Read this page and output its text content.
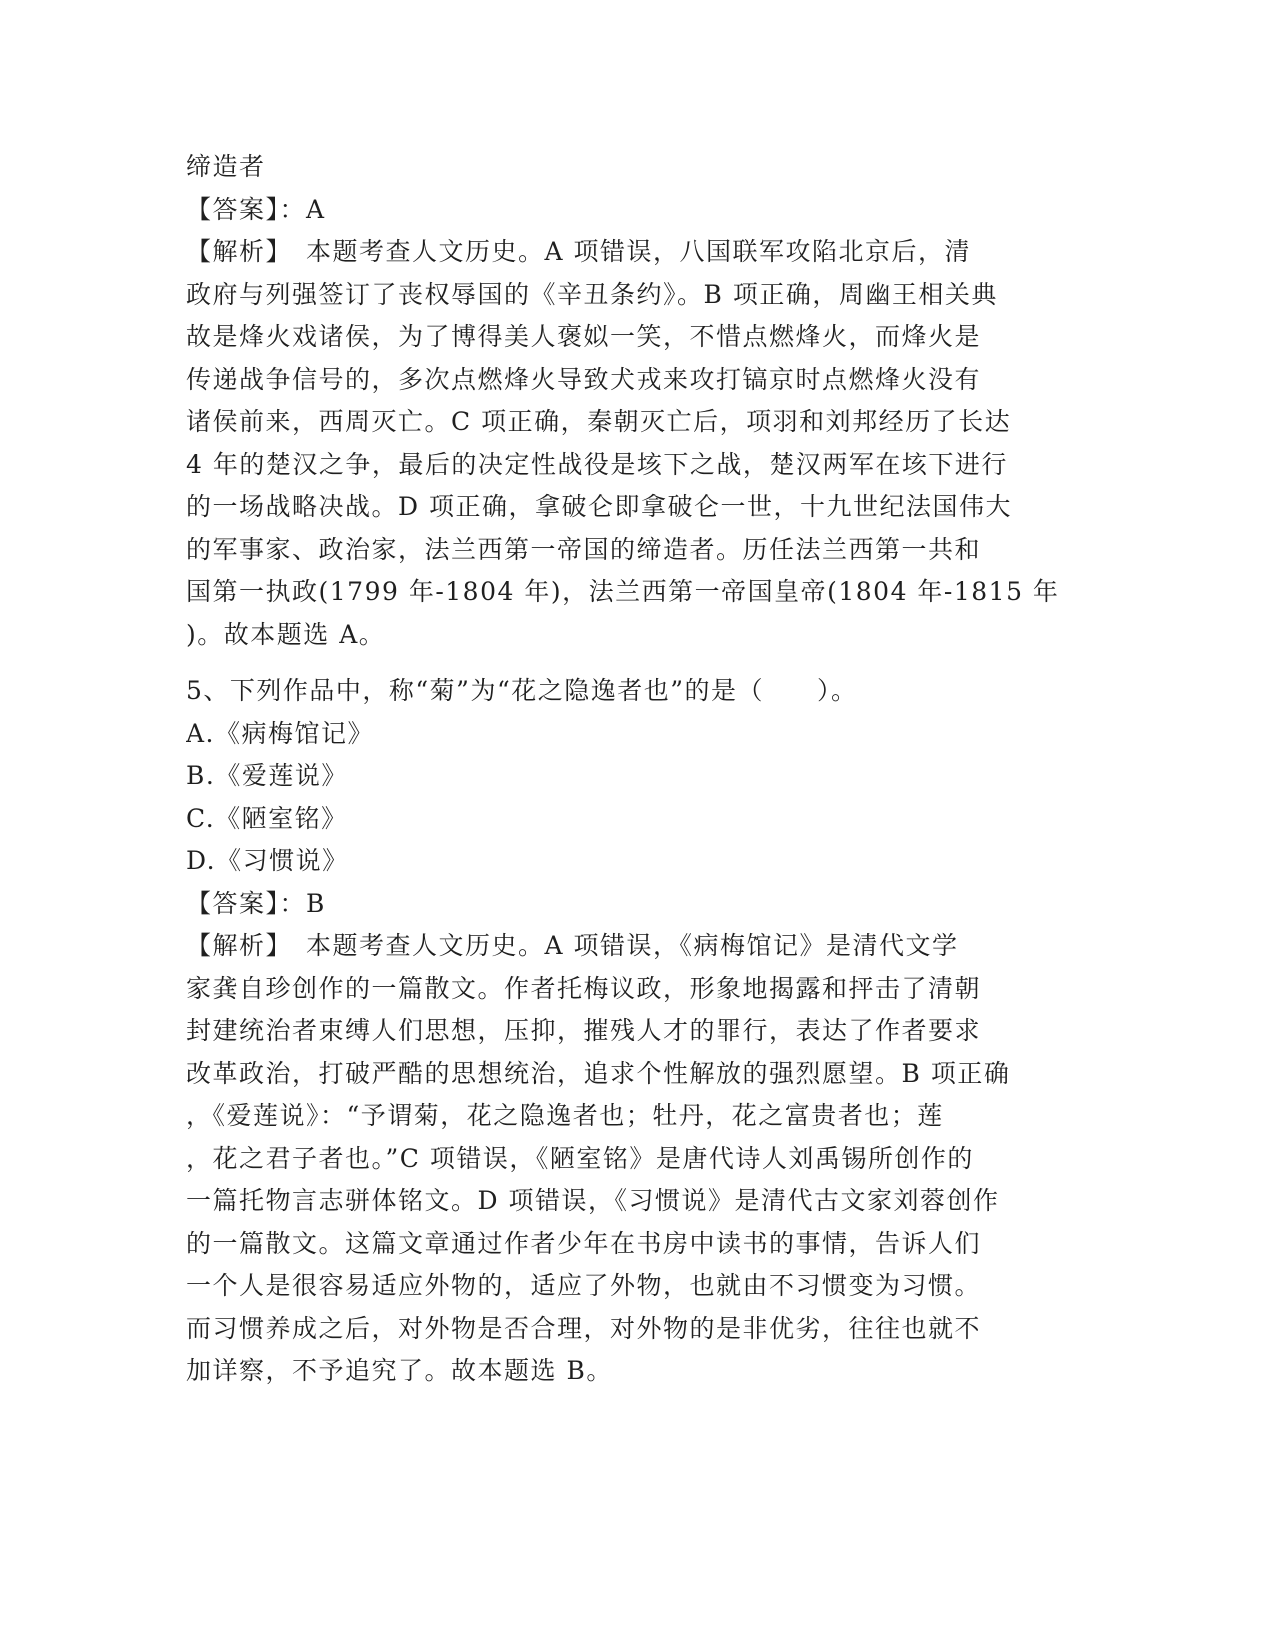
缔造者
【答案】：A
【解析】　本题考查人文历史。A 项错误，八国联军攻陷北京后，清
政府与列强签订了丧权辱国的《辛丑条约》。B 项正确，周幽王相关典
故是烽火戏诸侯，为了博得美人褒姒一笑，不惜点燃烽火，而烽火是
传递战争信号的，多次点燃烽火导致犬戎来攻打镐京时点燃烽火没有
诸侯前来，西周灭亡。C 项正确，秦朝灭亡后，项羽和刘邦经历了长达
4 年的楚汉之争，最后的决定性战役是垓下之战，楚汉两军在垓下进行
的一场战略决战。D 项正确，拿破仑即拿破仑一世，十九世纪法国伟大
的军事家、政治家，法兰西第一帝国的缔造者。历任法兰西第一共和
国第一执政(1799 年-1804 年)，法兰西第一帝国皇帝(1804 年-1815 年
)。故本题选 A。
5、下列作品中，称“菊”为“花之隐逸者也”的是（　　）。
A.《病梅馆记》
B.《爱莲说》
C.《陋室铭》
D.《习惯说》
【答案】：B
【解析】　本题考查人文历史。A 项错误，《病梅馆记》是清代文学
家龚自珍创作的一篇散文。作者托梅议政，形象地揭露和抨击了清朝
封建统治者束缚人们思想，压抑，摧残人才的罪行，表达了作者要求
改革政治，打破严酷的思想统治，追求个性解放的强烈愿望。B 项正确
，《爱莲说》：“予谓菊，花之隐逸者也；牡丹，花之富贵者也；莲
，花之君子者也。”C 项错误，《陋室铭》是唐代诗人刘禹锡所创作的
一篇托物言志骈体铭文。D 项错误，《习惯说》是清代古文家刘蓉创作
的一篇散文。这篇文章通过作者少年在书房中读书的事情，告诉人们
一个人是很容易适应外物的，适应了外物，也就由不习惯变为习惯。
而习惯养成之后，对外物是否合理，对外物的是非优劣，往往也就不
加详察，不予追究了。故本题选 B。
